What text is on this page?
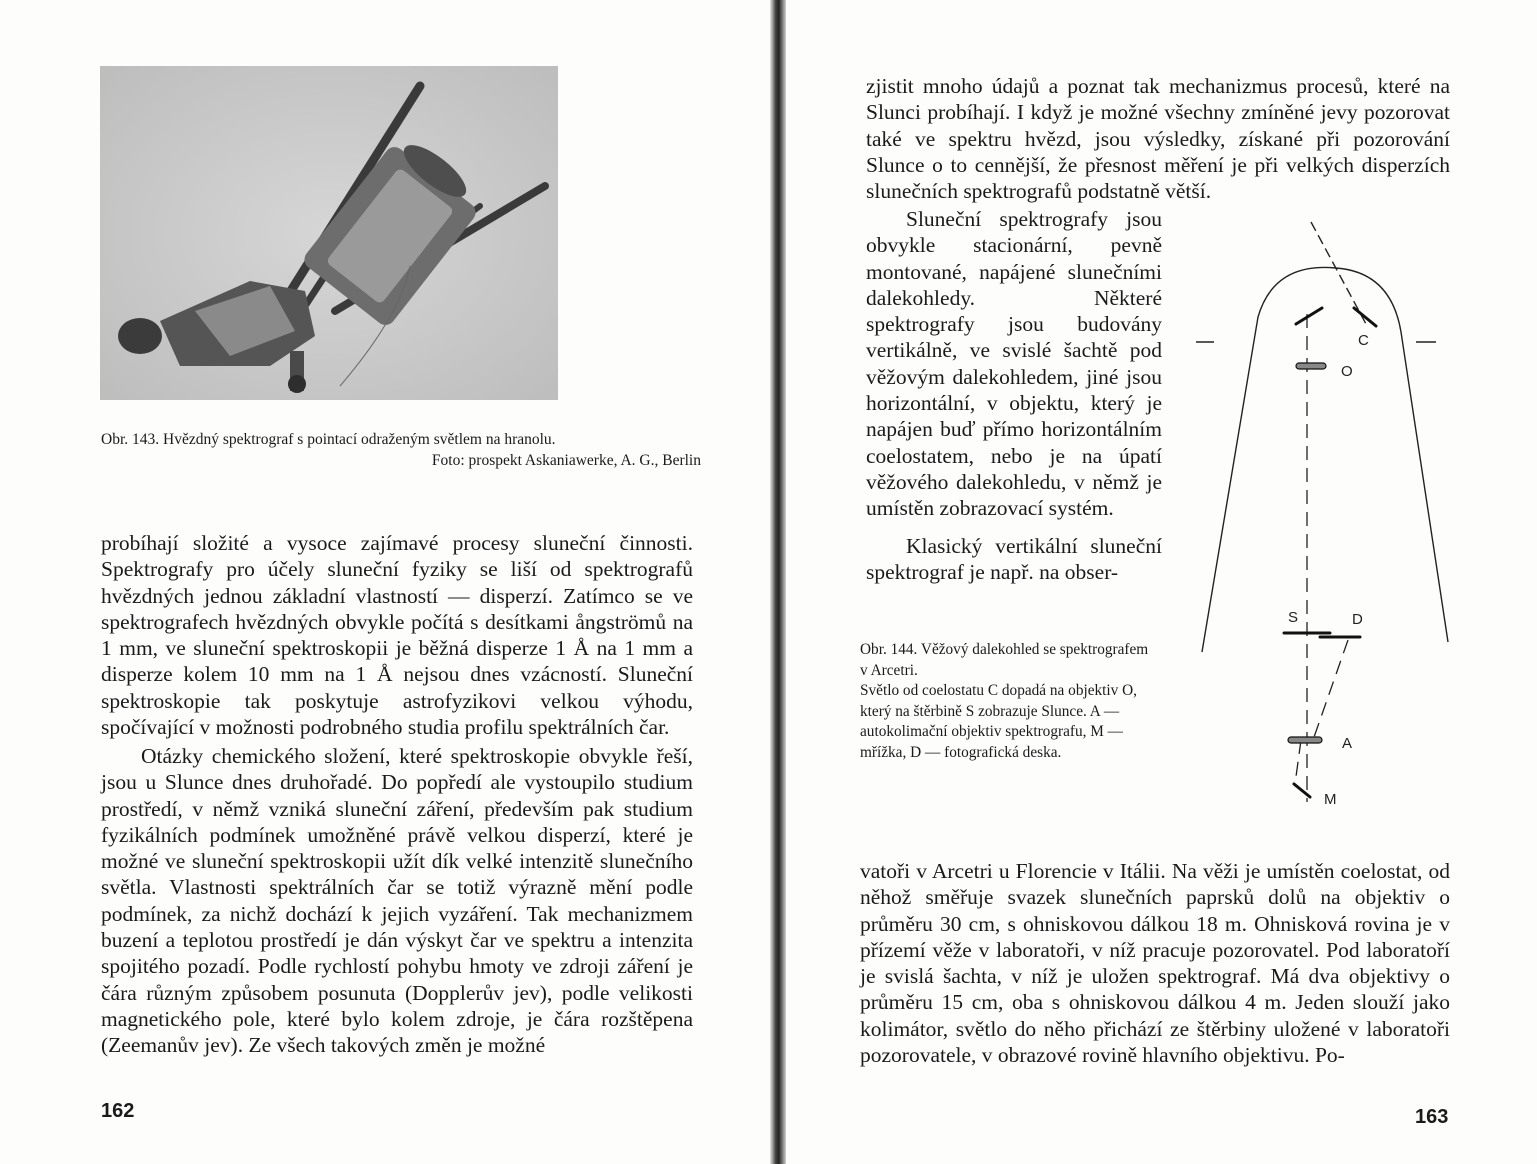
Obr. 143. Hvězdný spektrograf s pointací odraženým světlem na hranolu.
Foto: prospekt Askaniawerke, A. G., Berlin

probíhají složité a vysoce zajímavé procesy sluneční činnosti. Spektrografy pro účely sluneční fyziky se liší od spektrografů hvězdných jednou základní vlastností — disperzí. Zatímco se ve spektrografech hvězdných obvykle počítá s desítkami ångströmů na 1 mm, ve sluneční spektroskopii je běžná disperze 1 Å na 1 mm a disperze kolem 10 mm na 1 Å nejsou dnes vzácností. Sluneční spektroskopie tak poskytuje astrofyzikovi velkou výhodu, spočívající v možnosti podrobného studia profilu spektrálních čar.

Otázky chemického složení, které spektroskopie obvykle řeší, jsou u Slunce dnes druhořadé. Do popředí ale vystoupilo studium prostředí, v němž vzniká sluneční záření, především pak studium fyzikálních podmínek umožněné právě velkou disperzí, které je možné ve sluneční spektroskopii užít dík velké intenzitě slunečního světla. Vlastnosti spektrálních čar se totiž výrazně mění podle podmínek, za nichž dochází k jejich vyzáření. Tak mechanizmem buzení a teplotou prostředí je dán výskyt čar ve spektru a intenzita spojitého pozadí. Podle rychlostí pohybu hmoty ve zdroji záření je čára různým způsobem posunuta (Dopplerův jev), podle velikosti magnetického pole, které bylo kolem zdroje, je čára rozštěpena (Zeemanův jev). Ze všech takových změn je možné

162

zjistit mnoho údajů a poznat tak mechanizmus procesů, které na Slunci probíhají. I když je možné všechny zmíněné jevy pozorovat také ve spektru hvězd, jsou výsledky, získané při pozorování Slunce o to cennější, že přesnost měření je při velkých disperzích slunečních spektrografů podstatně větší.

Sluneční spektrografy jsou obvykle stacionární, pevně montované, napájené slunečními dalekohledy. Některé spektrografy jsou budovány vertikálně, ve svislé šachtě pod věžovým dalekohledem, jiné jsou horizontální, v objektu, který je napájen buď přímo horizontálním coelostatem, nebo je na úpatí věžového dalekohledu, v němž je umístěn zobrazovací systém.

Klasický vertikální sluneční spektrograf je např. na obser-

Obr. 144. Věžový dalekohled se spektrografem v Arcetri.
Světlo od coelostatu C dopadá na objektiv O, který na štěrbině S zobrazuje Slunce. A — autokolimační objektiv spektrografu, M — mřížka, D — fotografická deska.

vatoři v Arcetri u Florencie v Itálii. Na věži je umístěn coelostat, od něhož směřuje svazek slunečních paprsků dolů na objektiv o průměru 30 cm, s ohniskovou dálkou 18 m. Ohnisková rovina je v přízemí věže v laboratoři, v níž pracuje pozorovatel. Pod laboratoří je svislá šachta, v níž je uložen spektrograf. Má dva objektivy o průměru 15 cm, oba s ohniskovou dálkou 4 m. Jeden slouží jako kolimátor, světlo do něho přichází ze štěrbiny uložené v laboratoři pozorovatele, v obrazové rovině hlavního objektivu. Po-

163
C
O
S	D
A
M
